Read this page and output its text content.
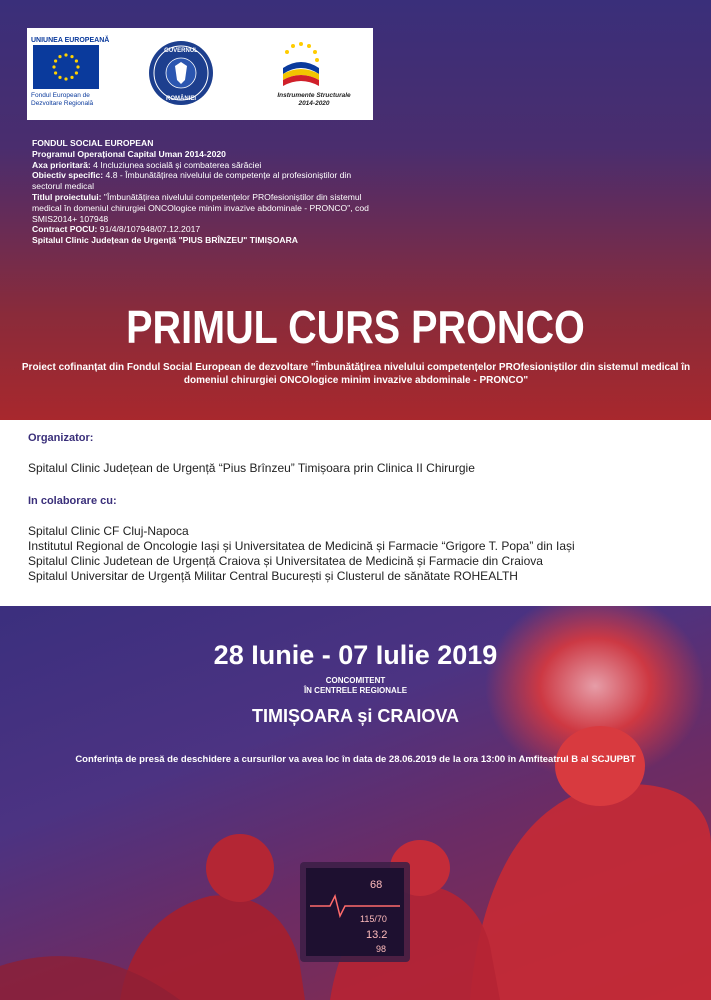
UNIUNEA EUROPEANĂ
Fondul European de
Dezvoltare Regională
GUVERNUL
ROMÂNIEI	Instrumente Structurale
2014-2020
FONDUL SOCIAL EUROPEAN
Programul Operațional Capital Uman 2014-2020
Axa prioritară: 4 Incluziunea socială și combaterea sărăciei
Obiectiv specific: 4.8 - Îmbunătățirea nivelului de competențe al profesioniștilor din sectorul medical
Titlul proiectului: "Îmbunătățirea nivelului competențelor PROfesioniștilor din sistemul medical în domeniul chirurgiei ONCOlogice minim invazive abdominale - PRONCO", cod SMIS2014+ 107948
Contract POCU: 91/4/8/107948/07.12.2017
Spitalul Clinic Județean de Urgență "PIUS BRÎNZEU" TIMIȘOARA
PRIMUL CURS PRONCO
Proiect cofinanțat din Fondul Social European de dezvoltare "Îmbunătățirea nivelului competențelor PROfesioniștilor din sistemul medical în domeniul chirurgiei ONCOlogice minim invazive abdominale - PRONCO"
Organizator:
Spitalul Clinic Județean de Urgență “Pius Brînzeu” Timișoara prin Clinica II Chirurgie
In colaborare cu:
Spitalul Clinic CF Cluj-Napoca
Institutul Regional de Oncologie Iași și Universitatea de Medicină și Farmacie “Grigore T. Popa” din Iași
Spitalul Clinic Judetean de Urgență Craiova și Universitatea de Medicină și Farmacie din Craiova
Spitalul Universitar de Urgență Militar Central București și Clusterul de sănătate ROHEALTH
68
115/70
13.2
98
28 Iunie - 07 Iulie 2019
CONCOMITENT
ÎN CENTRELE REGIONALE
TIMIȘOARA și CRAIOVA
Conferința de presă de deschidere a cursurilor va avea loc în data de 28.06.2019 de la ora 13:00 în Amfiteatrul B al SCJUPBT
